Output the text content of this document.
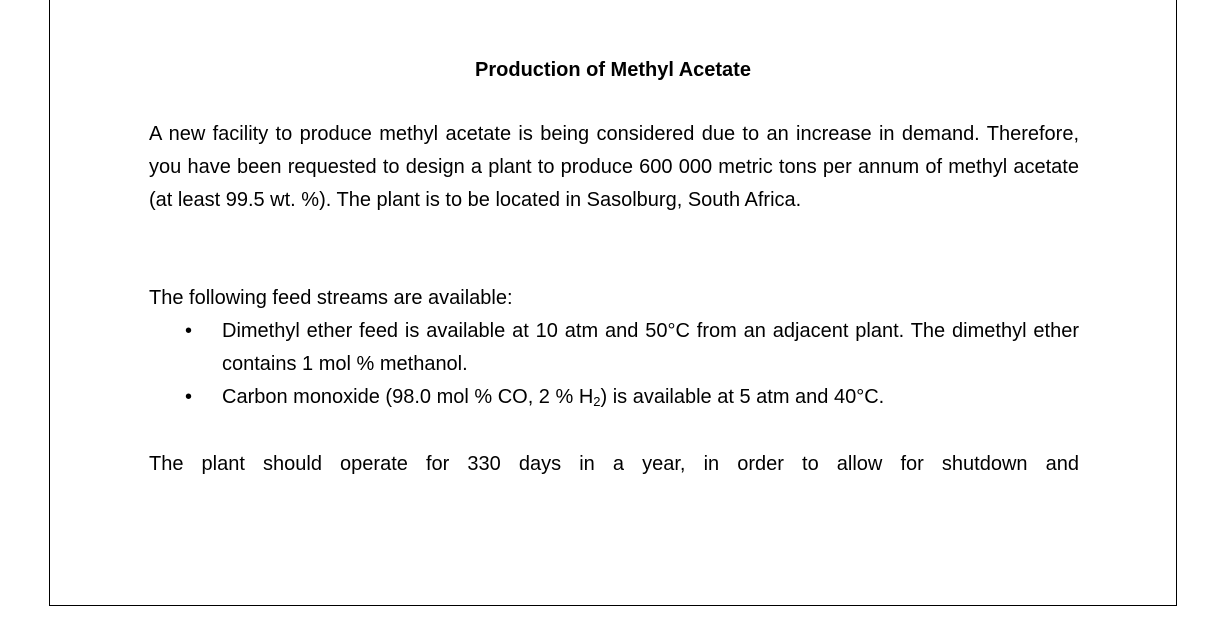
Production of Methyl Acetate

A new facility to produce methyl acetate is being considered due to an increase in demand. Therefore, you have been requested to design a plant to produce 600 000 metric tons per annum of methyl acetate (at least 99.5 wt. %). The plant is to be located in Sasolburg, South Africa.

The following feed streams are available:

• Dimethyl ether feed is available at 10 atm and 50°C from an adjacent plant. The dimethyl ether contains 1 mol % methanol.
• Carbon monoxide (98.0 mol % CO, 2 % $H_2$) is available at 5 atm and 40°C.

The plant should operate for 330 days in a year, in order to allow for shutdown and
